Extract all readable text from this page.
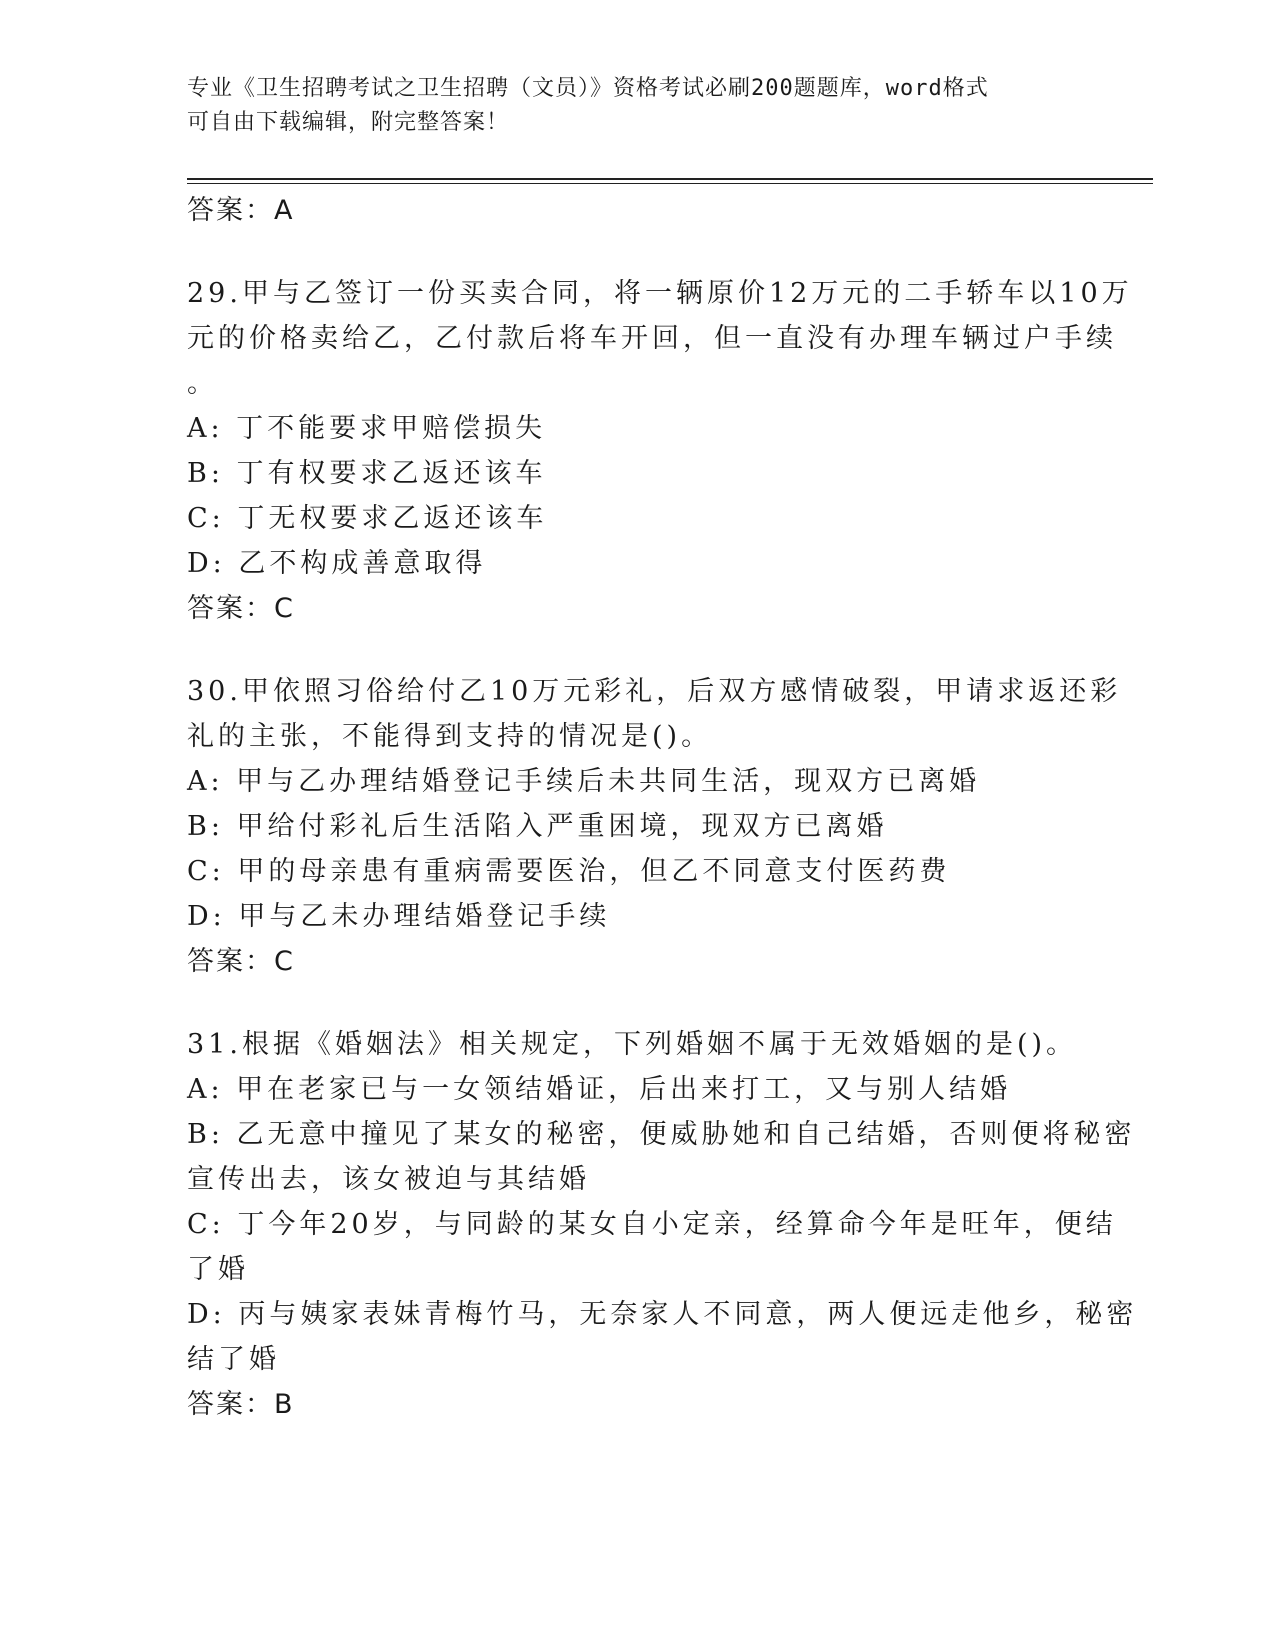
专业《卫生招聘考试之卫生招聘（文员）》资格考试必刷200题题库，word格式
可自由下载编辑，附完整答案！
答案：A
29.甲与乙签订一份买卖合同，将一辆原价12万元的二手轿车以10万
元的价格卖给乙，乙付款后将车开回，但一直没有办理车辆过户手续
。
A: 丁不能要求甲赔偿损失
B: 丁有权要求乙返还该车
C: 丁无权要求乙返还该车
D: 乙不构成善意取得
答案：C
30.甲依照习俗给付乙10万元彩礼，后双方感情破裂，甲请求返还彩
礼的主张，不能得到支持的情况是()。
A: 甲与乙办理结婚登记手续后未共同生活，现双方已离婚
B: 甲给付彩礼后生活陷入严重困境，现双方已离婚
C: 甲的母亲患有重病需要医治，但乙不同意支付医药费
D: 甲与乙未办理结婚登记手续
答案：C
31.根据《婚姻法》相关规定，下列婚姻不属于无效婚姻的是()。
A: 甲在老家已与一女领结婚证，后出来打工，又与别人结婚
B: 乙无意中撞见了某女的秘密，便威胁她和自己结婚，否则便将秘密
宣传出去，该女被迫与其结婚
C: 丁今年20岁，与同龄的某女自小定亲，经算命今年是旺年，便结
了婚
D: 丙与姨家表妹青梅竹马，无奈家人不同意，两人便远走他乡，秘密
结了婚
答案：B
